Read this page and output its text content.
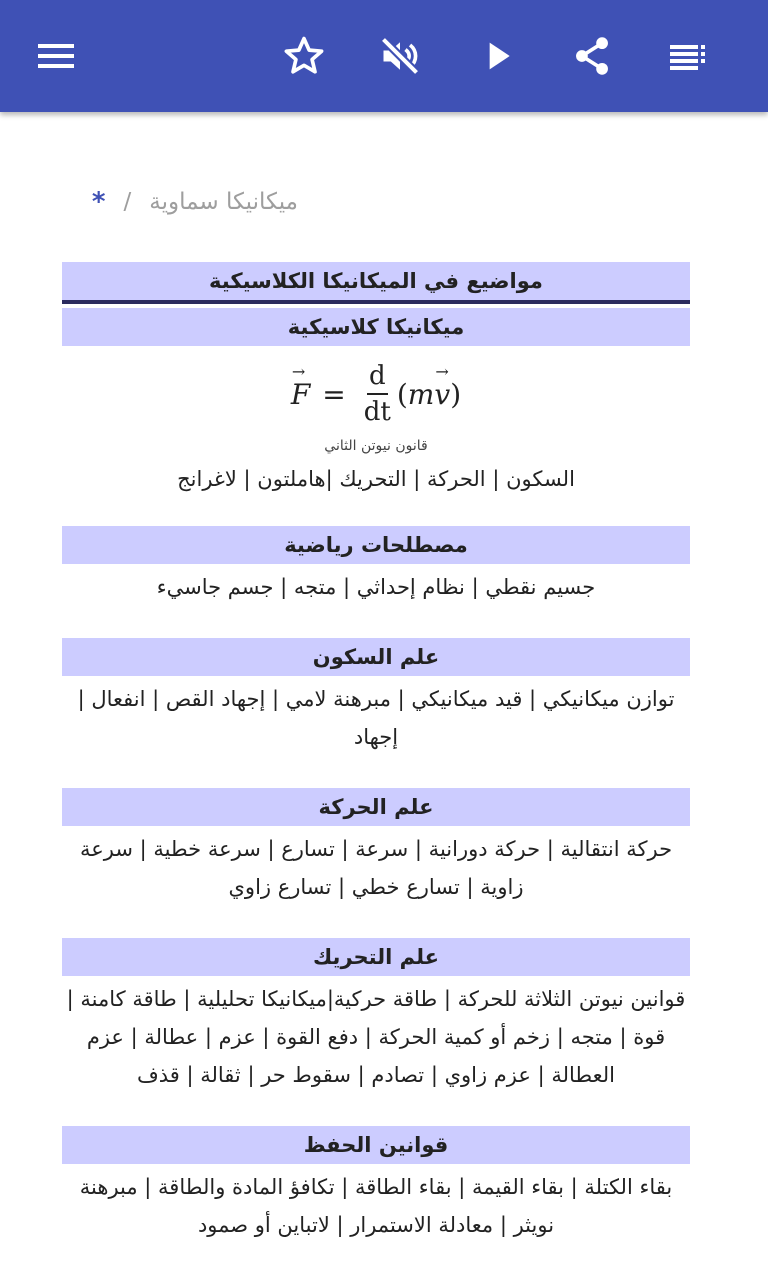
ميكانيكا سماوية
/
*
مواضيع في الميكانيكا الكلاسيكية
ميكانيكا كلاسيكية
→ $F = \frac{d}{dt}$ ( m
→ v )
قانون نيوتن الثاني
السكون | الحركة | التحريك |هاملتون | لاغرانج
مصطلحات رياضية
جسيم نقطي | نظام إحداثي | متجه | جسم جاسيء
علم السكون
توازن ميكانيكي | قيد ميكانيكي | مبرهنة لامي | إجهاد القص | انفعال | إجهاد
علم الحركة
حركة انتقالية | حركة دورانية | سرعة | تسارع | سرعة خطية | سرعة زاوية | تسارع خطي | تسارع زاوي
علم التحريك
قوانين نيوتن الثلاثة للحركة | طاقة حركية|ميكانيكا تحليلية | طاقة كامنة | قوة | متجه | زخم أو كمية الحركة | دفع القوة | عزم | عطالة | عزم العطالة | عزم زاوي | تصادم | سقوط حر | ثقالة | قذف
قوانين الحفظ
بقاء الكتلة | بقاء القيمة | بقاء الطاقة | تكافؤ المادة والطاقة | مبرهنة نويثر | معادلة الاستمرار | لاتباين أو صمود
